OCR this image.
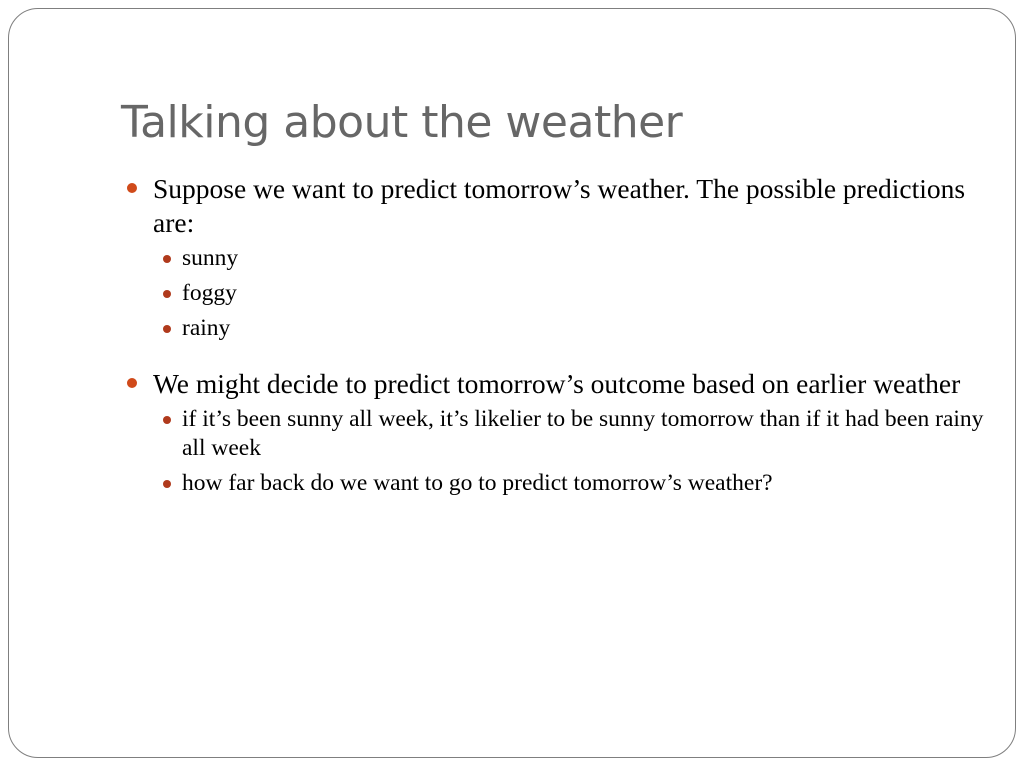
Talking about the weather
Suppose we want to predict tomorrow’s weather. The possible predictions are:
sunny
foggy
rainy
We might decide to predict tomorrow’s outcome based on earlier weather
if it’s been sunny all week, it’s likelier to be sunny tomorrow than if it had been rainy all week
how far back do we want to go to predict tomorrow’s weather?
